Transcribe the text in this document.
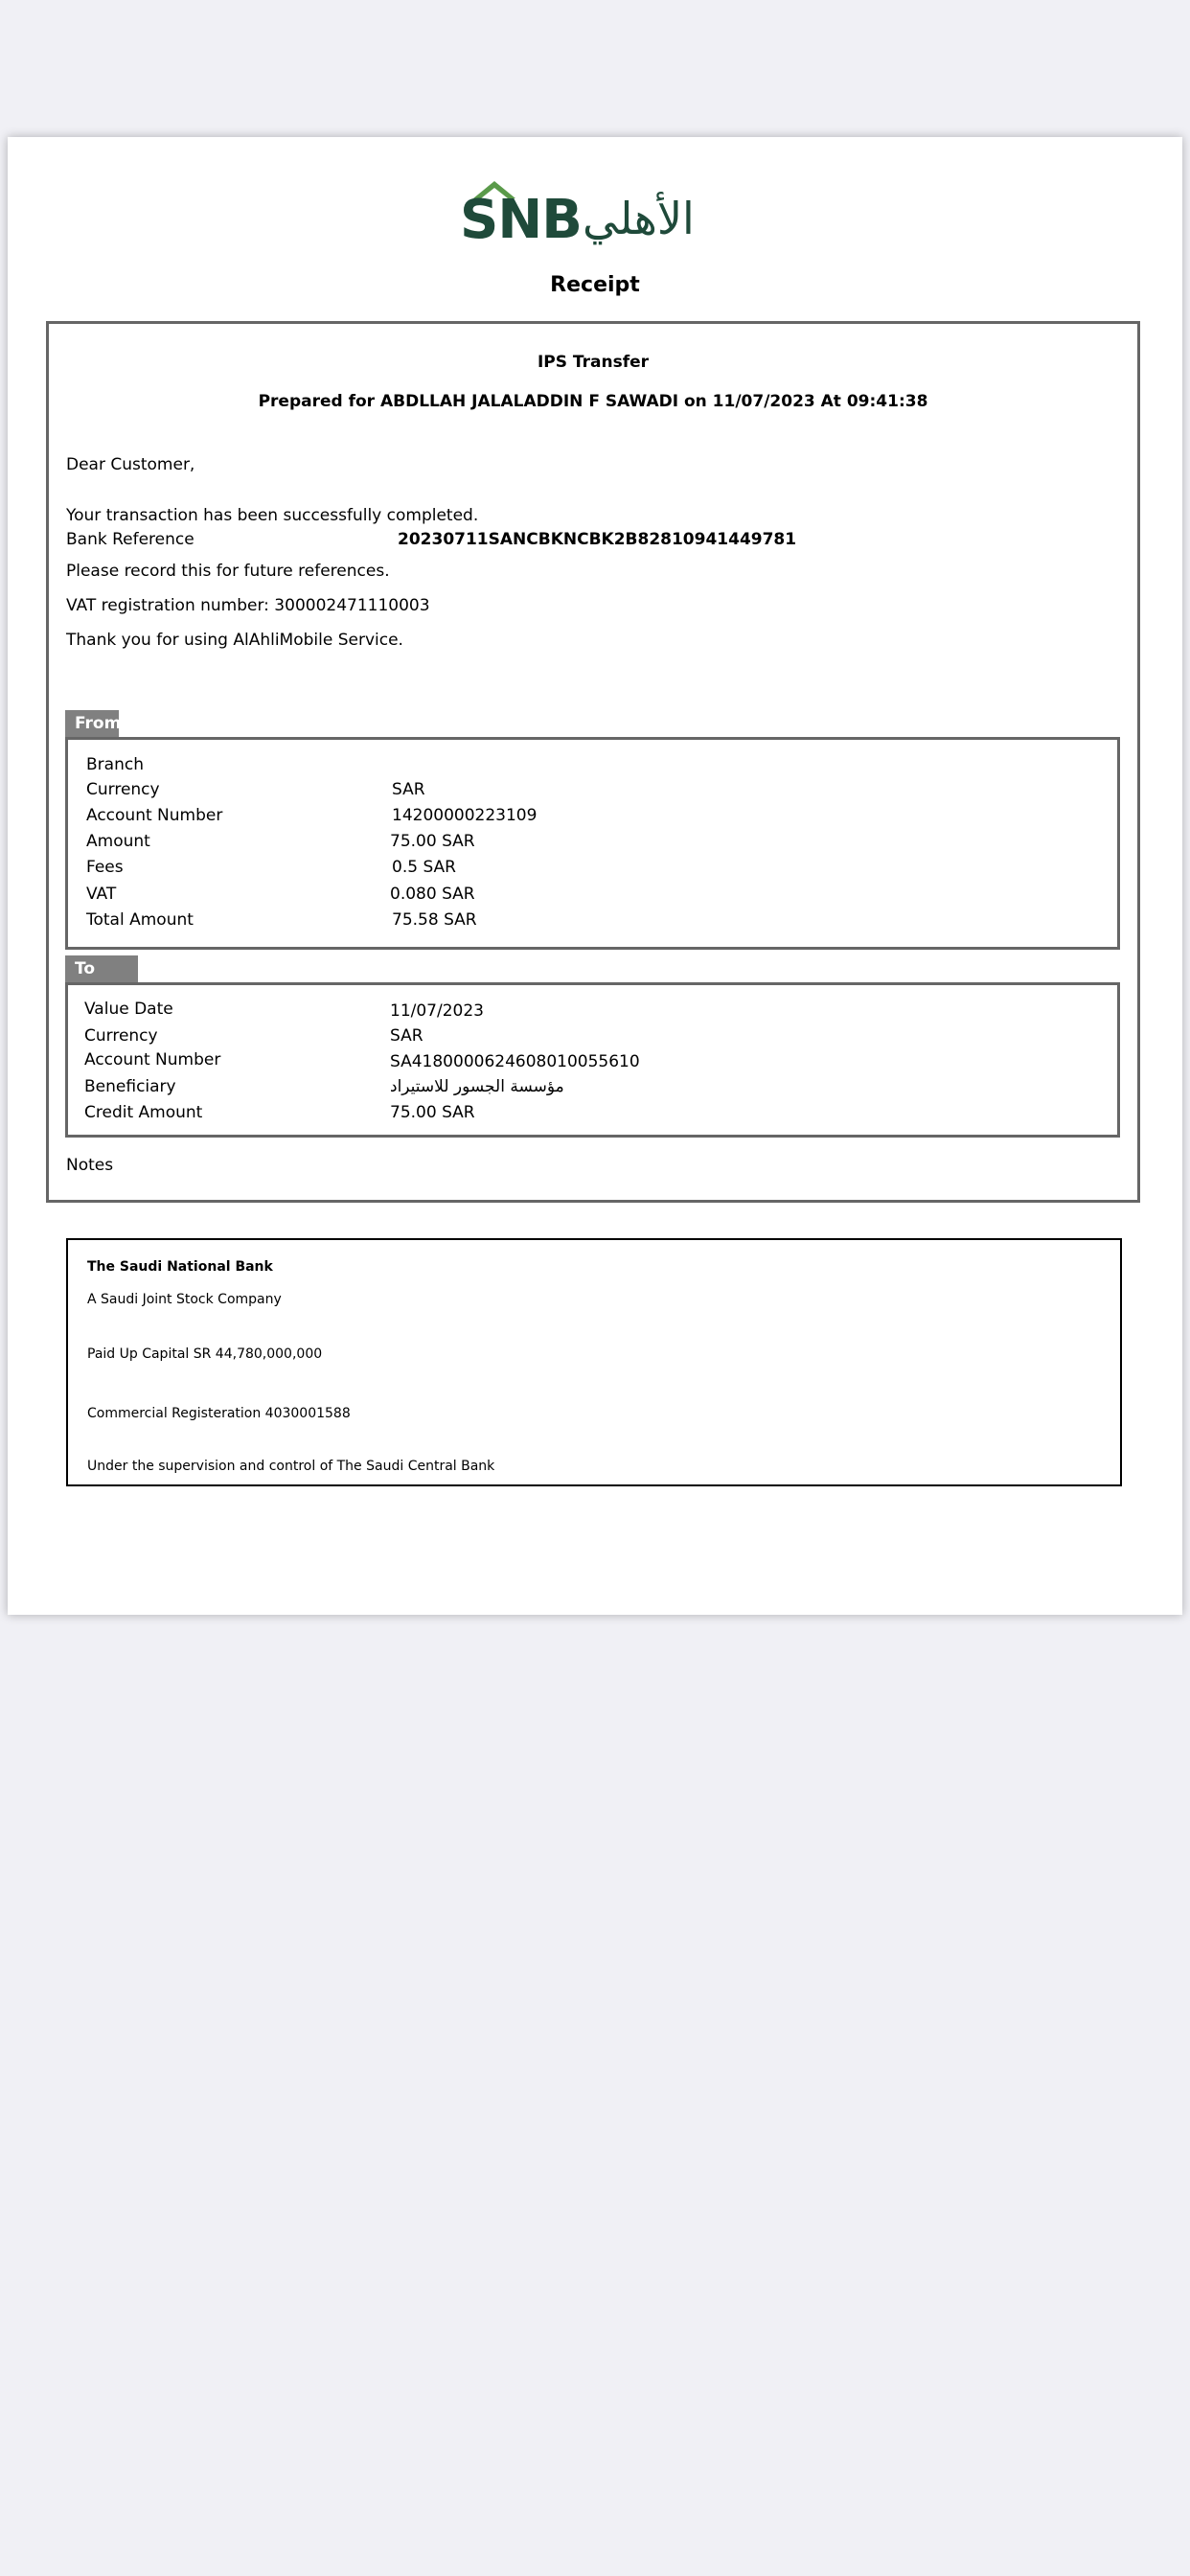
SNB الأهلي
Receipt
IPS Transfer
Prepared for ABDLLAH JALALADDIN F SAWADI on 11/07/2023 At 09:41:38
Dear Customer,
Your transaction has been successfully completed.
Bank Reference	20230711SANCBKNCBK2B82810941449781
Please record this for future references.
VAT registration number: 300002471110003
Thank you for using AlAhliMobile Service.
From
Branch
Currency	SAR
Account Number	14200000223109
Amount	75.00 SAR
Fees	0.5 SAR
VAT	0.080 SAR
Total Amount	75.58 SAR
To
Value Date	11/07/2023
Currency	SAR
Account Number	SA4180000624608010055610
Beneficiary	مؤسسة الجسور للاستيراد
Credit Amount	75.00 SAR
Notes
The Saudi National Bank
A Saudi Joint Stock Company
Paid Up Capital SR 44,780,000,000
Commercial Registeration 4030001588
Under the supervision and control of The Saudi Central Bank
